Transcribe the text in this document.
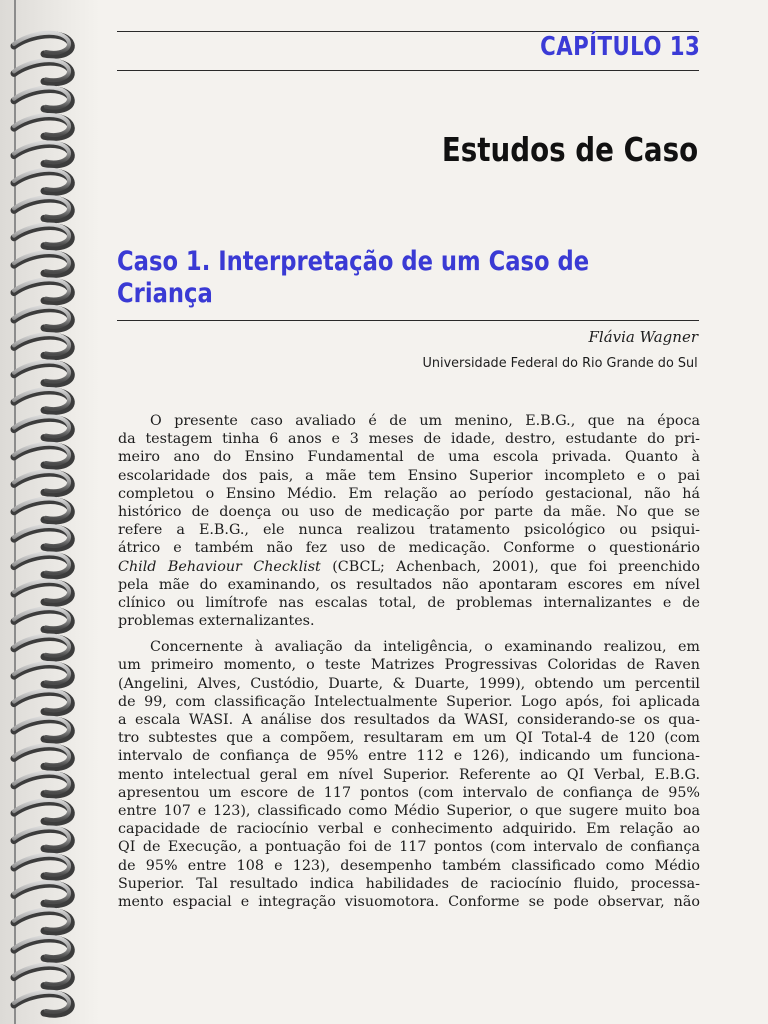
CAPÍTULO 13
Estudos de Caso
Caso 1. Interpretação de um Caso de
Criança
Flávia Wagner
Universidade Federal do Rio Grande do Sul
O presente caso avaliado é de um menino, E.B.G., que na época
da testagem tinha 6 anos e 3 meses de idade, destro, estudante do pri-
meiro ano do Ensino Fundamental de uma escola privada. Quanto à
escolaridade dos pais, a mãe tem Ensino Superior incompleto e o pai
completou o Ensino Médio. Em relação ao período gestacional, não há
histórico de doença ou uso de medicação por parte da mãe. No que se
refere a E.B.G., ele nunca realizou tratamento psicológico ou psiqui-
átrico e também não fez uso de medicação. Conforme o questionário
Child Behaviour Checklist (CBCL; Achenbach, 2001), que foi preenchido
pela mãe do examinando, os resultados não apontaram escores em nível
clínico ou limítrofe nas escalas total, de problemas internalizantes e de
problemas externalizantes.
Concernente à avaliação da inteligência, o examinando realizou, em
um primeiro momento, o teste Matrizes Progressivas Coloridas de Raven
(Angelini, Alves, Custódio, Duarte, & Duarte, 1999), obtendo um percentil
de 99, com classificação Intelectualmente Superior. Logo após, foi aplicada
a escala WASI. A análise dos resultados da WASI, considerando-se os qua-
tro subtestes que a compõem, resultaram em um QI Total-4 de 120 (com
intervalo de confiança de 95% entre 112 e 126), indicando um funciona-
mento intelectual geral em nível Superior. Referente ao QI Verbal, E.B.G.
apresentou um escore de 117 pontos (com intervalo de confiança de 95%
entre 107 e 123), classificado como Médio Superior, o que sugere muito boa
capacidade de raciocínio verbal e conhecimento adquirido. Em relação ao
QI de Execução, a pontuação foi de 117 pontos (com intervalo de confiança
de 95% entre 108 e 123), desempenho também classificado como Médio
Superior. Tal resultado indica habilidades de raciocínio fluido, processa-
mento espacial e integração visuomotora. Conforme se pode observar, não
